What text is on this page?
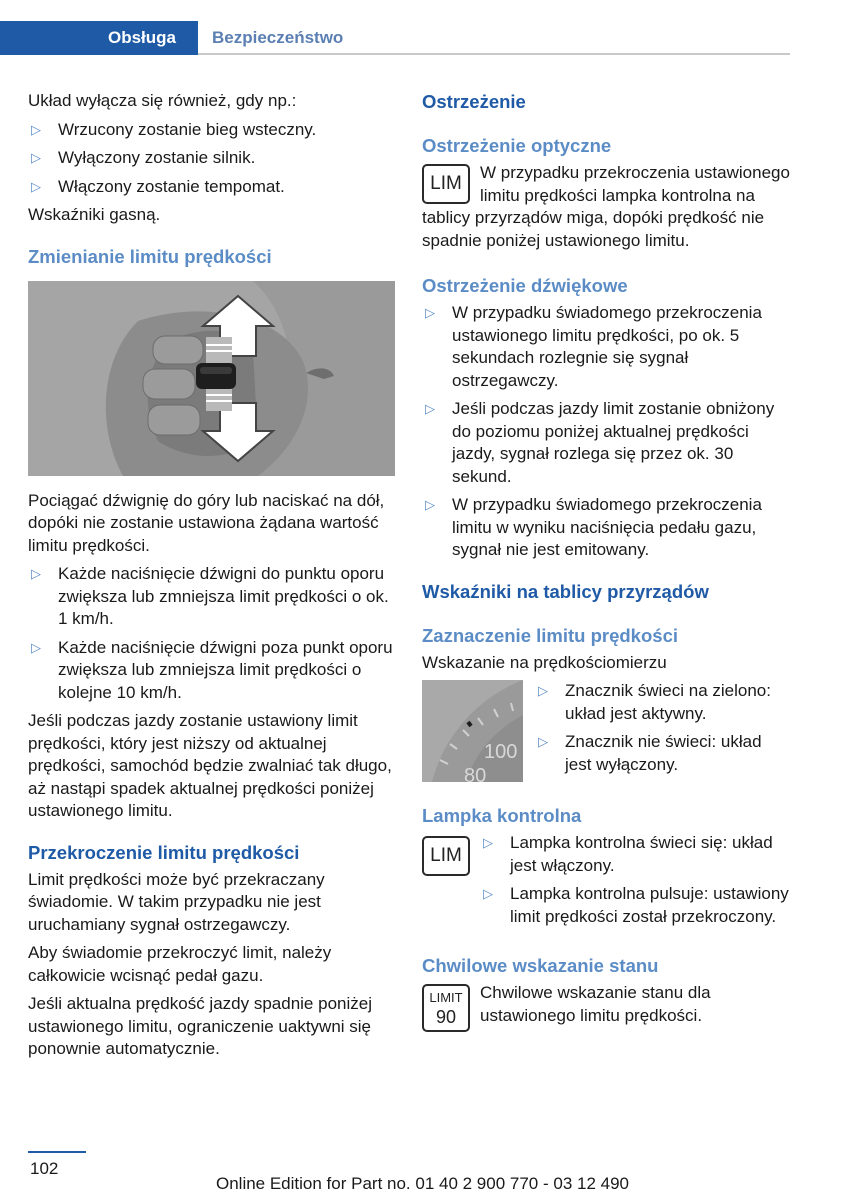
Obsługa Bezpieczeństwo

Układ wyłącza się również, gdy np.:

▷ Wrzucony zostanie bieg wsteczny.
▷ Wyłączony zostanie silnik.
▷ Włączony zostanie tempomat.

Wskaźniki gasną.

Zmienianie limitu prędkości

Pociągać dźwignię do góry lub naciskać na dół, dopóki nie zostanie ustawiona żądana wartość limitu prędkości.

▷ Każde naciśnięcie dźwigni do punktu oporu zwiększa lub zmniejsza limit prędkości o ok. 1 km/h.
▷ Każde naciśnięcie dźwigni poza punkt oporu zwiększa lub zmniejsza limit prędkości o kolejne 10 km/h.

Jeśli podczas jazdy zostanie ustawiony limit prędkości, który jest niższy od aktualnej prędkości, samochód będzie zwalniać tak długo, aż nastąpi spadek aktualnej prędkości poniżej ustawionego limitu.

Przekroczenie limitu prędkości

Limit prędkości może być przekraczany świadomie. W takim przypadku nie jest uruchamiany sygnał ostrzegawczy.

Aby świadomie przekroczyć limit, należy całkowicie wcisnąć pedał gazu.

Jeśli aktualna prędkość jazdy spadnie poniżej ustawionego limitu, ograniczenie uaktywni się ponownie automatycznie.

Ostrzeżenie
Ostrzeżenie optyczne
LIM

W przypadku przekroczenia ustawionego limitu prędkości lampka kontrolna na tablicy przyrządów miga, dopóki prędkość nie spadnie poniżej ustawionego limitu.

Ostrzeżenie dźwiękowe
▷ W przypadku świadomego przekroczenia ustawionego limitu prędkości, po ok. 5 sekundach rozlegnie się sygnał ostrzegawczy.
▷ Jeśli podczas jazdy limit zostanie obniżony do poziomu poniżej aktualnej prędkości jazdy, sygnał rozlega się przez ok. 30 sekund.
▷ W przypadku świadomego przekroczenia limitu w wyniku naciśnięcia pedału gazu, sygnał nie jest emitowany.
Wskaźniki na tablicy przyrządów
Zaznaczenie limitu prędkości

Wskazanie na prędkościomierzu

100
80
▷ Znacznik świeci na zielono: układ jest aktywny.
▷ Znacznik nie świeci: układ jest wyłączony.
Lampka kontrolna
LIM
▷ Lampka kontrolna świeci się: układ jest włączony.
▷ Lampka kontrolna pulsuje: ustawiony limit prędkości został przekroczony.
Chwilowe wskazanie stanu
LIMIT
90

Chwilowe wskazanie stanu dla ustawionego limitu prędkości.

102
Online Edition for Part no. 01 40 2 900 770 - 03 12 490
